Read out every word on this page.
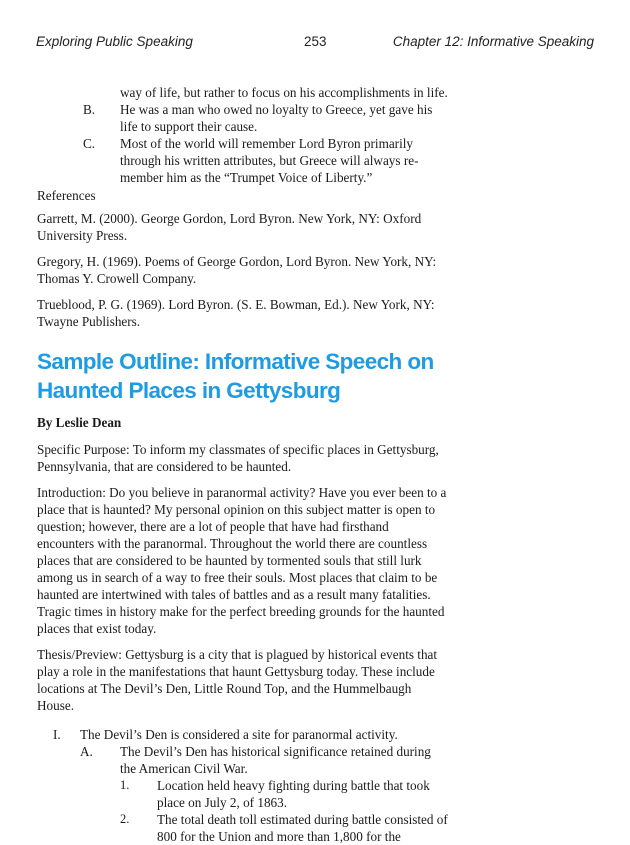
Exploring Public Speaking	253	Chapter 12: Informative Speaking

way of life, but rather to focus on his accomplishments in life.

B.	He was a man who owed no loyalty to Greece, yet gave his life to support their cause.
C.	Most of the world will remember Lord Byron primarily through his written attributes, but Greece will always remember him as the “Trumpet Voice of Liberty.”

References

Garrett, M. (2000). George Gordon, Lord Byron. New York, NY: Oxford University Press.

Gregory, H. (1969). Poems of George Gordon, Lord Byron. New York, NY: Thomas Y. Crowell Company.

Trueblood, P. G. (1969). Lord Byron. (S. E. Bowman, Ed.). New York, NY: Twayne Publishers.

Sample Outline: Informative Speech on Haunted Places in Gettysburg

By Leslie Dean

Specific Purpose: To inform my classmates of specific places in Gettysburg, Pennsylvania, that are considered to be haunted.

Introduction: Do you believe in paranormal activity? Have you ever been to a place that is haunted? My personal opinion on this subject matter is open to question; however, there are a lot of people that have had firsthand encounters with the paranormal. Throughout the world there are countless places that are considered to be haunted by tormented souls that still lurk among us in search of a way to free their souls. Most places that claim to be haunted are intertwined with tales of battles and as a result many fatalities. Tragic times in history make for the perfect breeding grounds for the haunted places that exist today.

Thesis/Preview: Gettysburg is a city that is plagued by historical events that play a role in the manifestations that haunt Gettysburg today. These include locations at The Devil’s Den, Little Round Top, and the Hummelbaugh House.

I.	The Devil’s Den is considered a site for paranormal activity.
A.	The Devil’s Den has historical significance retained during the American Civil War.
1.	Location held heavy fighting during battle that took place on July 2, of 1863.
2.	The total death toll estimated during battle consisted of 800 for the Union and more than 1,800 for the
